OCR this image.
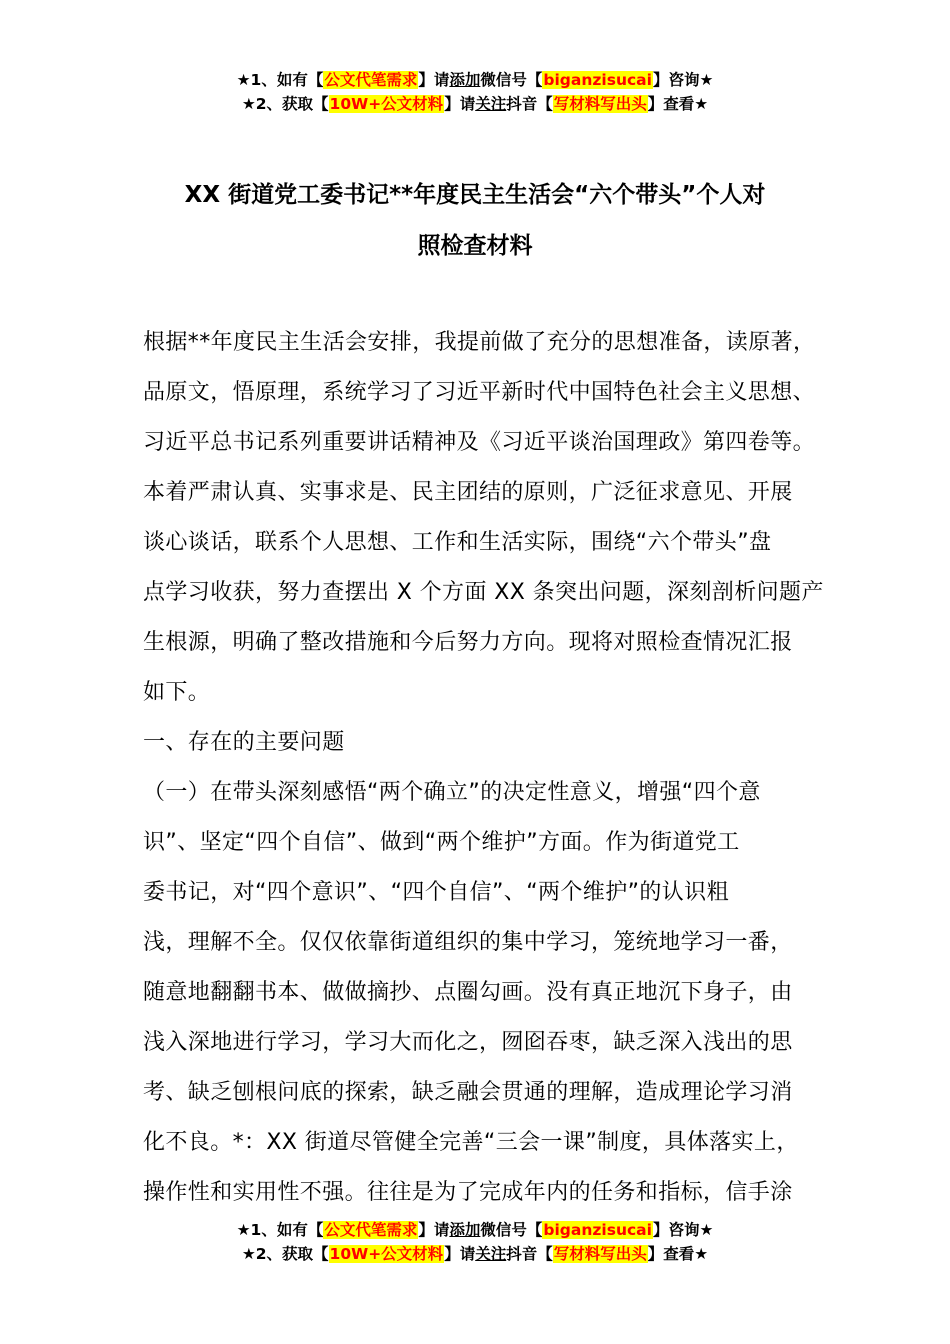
★1、如有【公文代笔需求】请添加微信号【biganzisucai】咨询★
★2、获取【10W+公文材料】请关注抖音【写材料写出头】查看★
XX 街道党工委书记**年度民主生活会“六个带头”个人对
照检查材料
根据**年度民主生活会安排，我提前做了充分的思想准备，读原著，
品原文，悟原理，系统学习了习近平新时代中国特色社会主义思想、
习近平总书记系列重要讲话精神及《习近平谈治国理政》第四卷等。
本着严肃认真、实事求是、民主团结的原则，广泛征求意见、开展
谈心谈话，联系个人思想、工作和生活实际，围绕“六个带头”盘
点学习收获，努力查摆出 X 个方面 XX 条突出问题，深刻剖析问题产
生根源，明确了整改措施和今后努力方向。现将对照检查情况汇报
如下。
一、存在的主要问题
（一）在带头深刻感悟“两个确立”的决定性意义，增强“四个意
识”、坚定“四个自信”、做到“两个维护”方面。作为街道党工
委书记，对“四个意识”、“四个自信”、“两个维护”的认识粗
浅，理解不全。仅仅依靠街道组织的集中学习，笼统地学习一番，
随意地翻翻书本、做做摘抄、点圈勾画。没有真正地沉下身子，由
浅入深地进行学习，学习大而化之，囫囵吞枣，缺乏深入浅出的思
考、缺乏刨根问底的探索，缺乏融会贯通的理解，造成理论学习消
化不良。*：XX 街道尽管健全完善“三会一课”制度，具体落实上，
操作性和实用性不强。往往是为了完成年内的任务和指标，信手涂
★1、如有【公文代笔需求】请添加微信号【biganzisucai】咨询★
★2、获取【10W+公文材料】请关注抖音【写材料写出头】查看★
